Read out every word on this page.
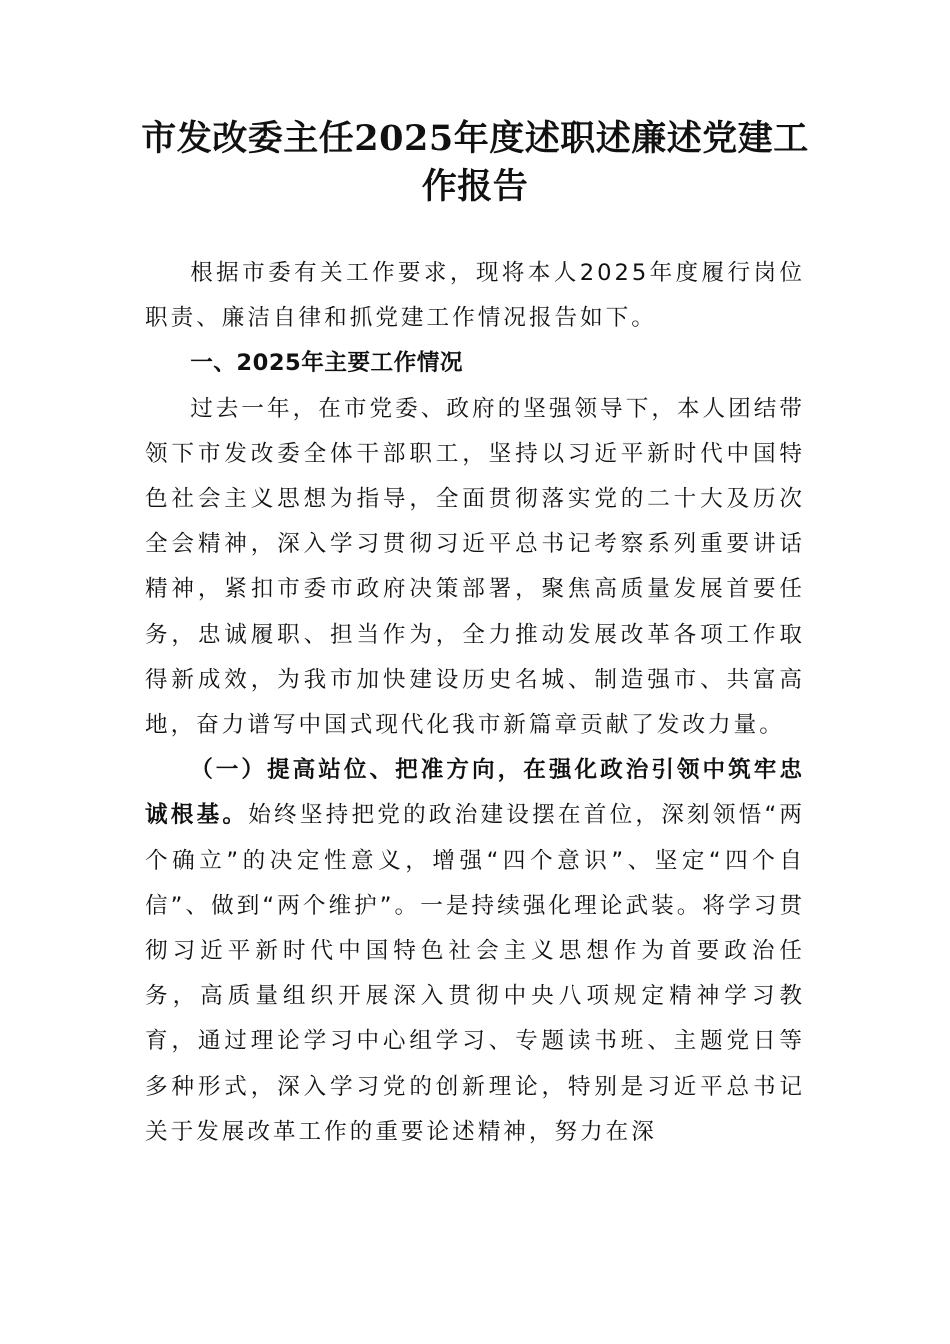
市发改委主任2025年度述职述廉述党建工作报告

根据市委有关工作要求，现将本人2025年度履行岗位职责、廉洁自律和抓党建工作情况报告如下。

一、2025年主要工作情况

过去一年，在市党委、政府的坚强领导下，本人团结带领下市发改委全体干部职工，坚持以习近平新时代中国特色社会主义思想为指导，全面贯彻落实党的二十大及历次全会精神，深入学习贯彻习近平总书记考察系列重要讲话精神，紧扣市委市政府决策部署，聚焦高质量发展首要任务，忠诚履职、担当作为，全力推动发展改革各项工作取得新成效，为我市加快建设历史名城、制造强市、共富高地，奋力谱写中国式现代化我市新篇章贡献了发改力量。

（一）提高站位、把准方向，在强化政治引领中筑牢忠诚根基。始终坚持把党的政治建设摆在首位，深刻领悟“两个确立”的决定性意义，增强“四个意识”、坚定“四个自信”、做到“两个维护”。一是持续强化理论武装。将学习贯彻习近平新时代中国特色社会主义思想作为首要政治任务，高质量组织开展深入贯彻中央八项规定精神学习教育，通过理论学习中心组学习、专题读书班、主题党日等多种形式，深入学习党的创新理论，特别是习近平总书记关于发展改革工作的重要论述精神，努力在深
